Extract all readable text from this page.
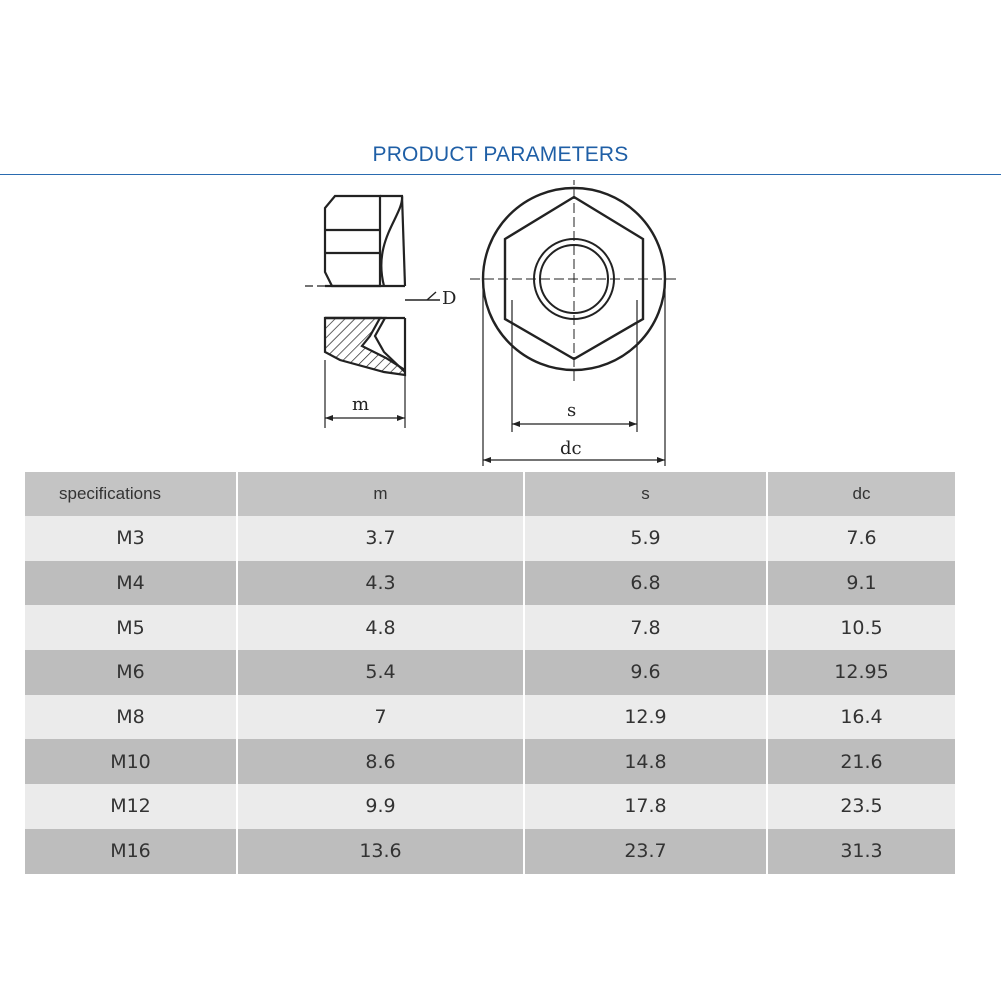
PRODUCT PARAMETERS
D
m	s
dc
specifications	m	s	dc
M3	3.7	5.9	7.6
M4	4.3	6.8	9.1
M5	4.8	7.8	10.5
M6	5.4	9.6	12.95
M8	7	12.9	16.4
M10	8.6	14.8	21.6
M12	9.9	17.8	23.5
M16	13.6	23.7	31.3
